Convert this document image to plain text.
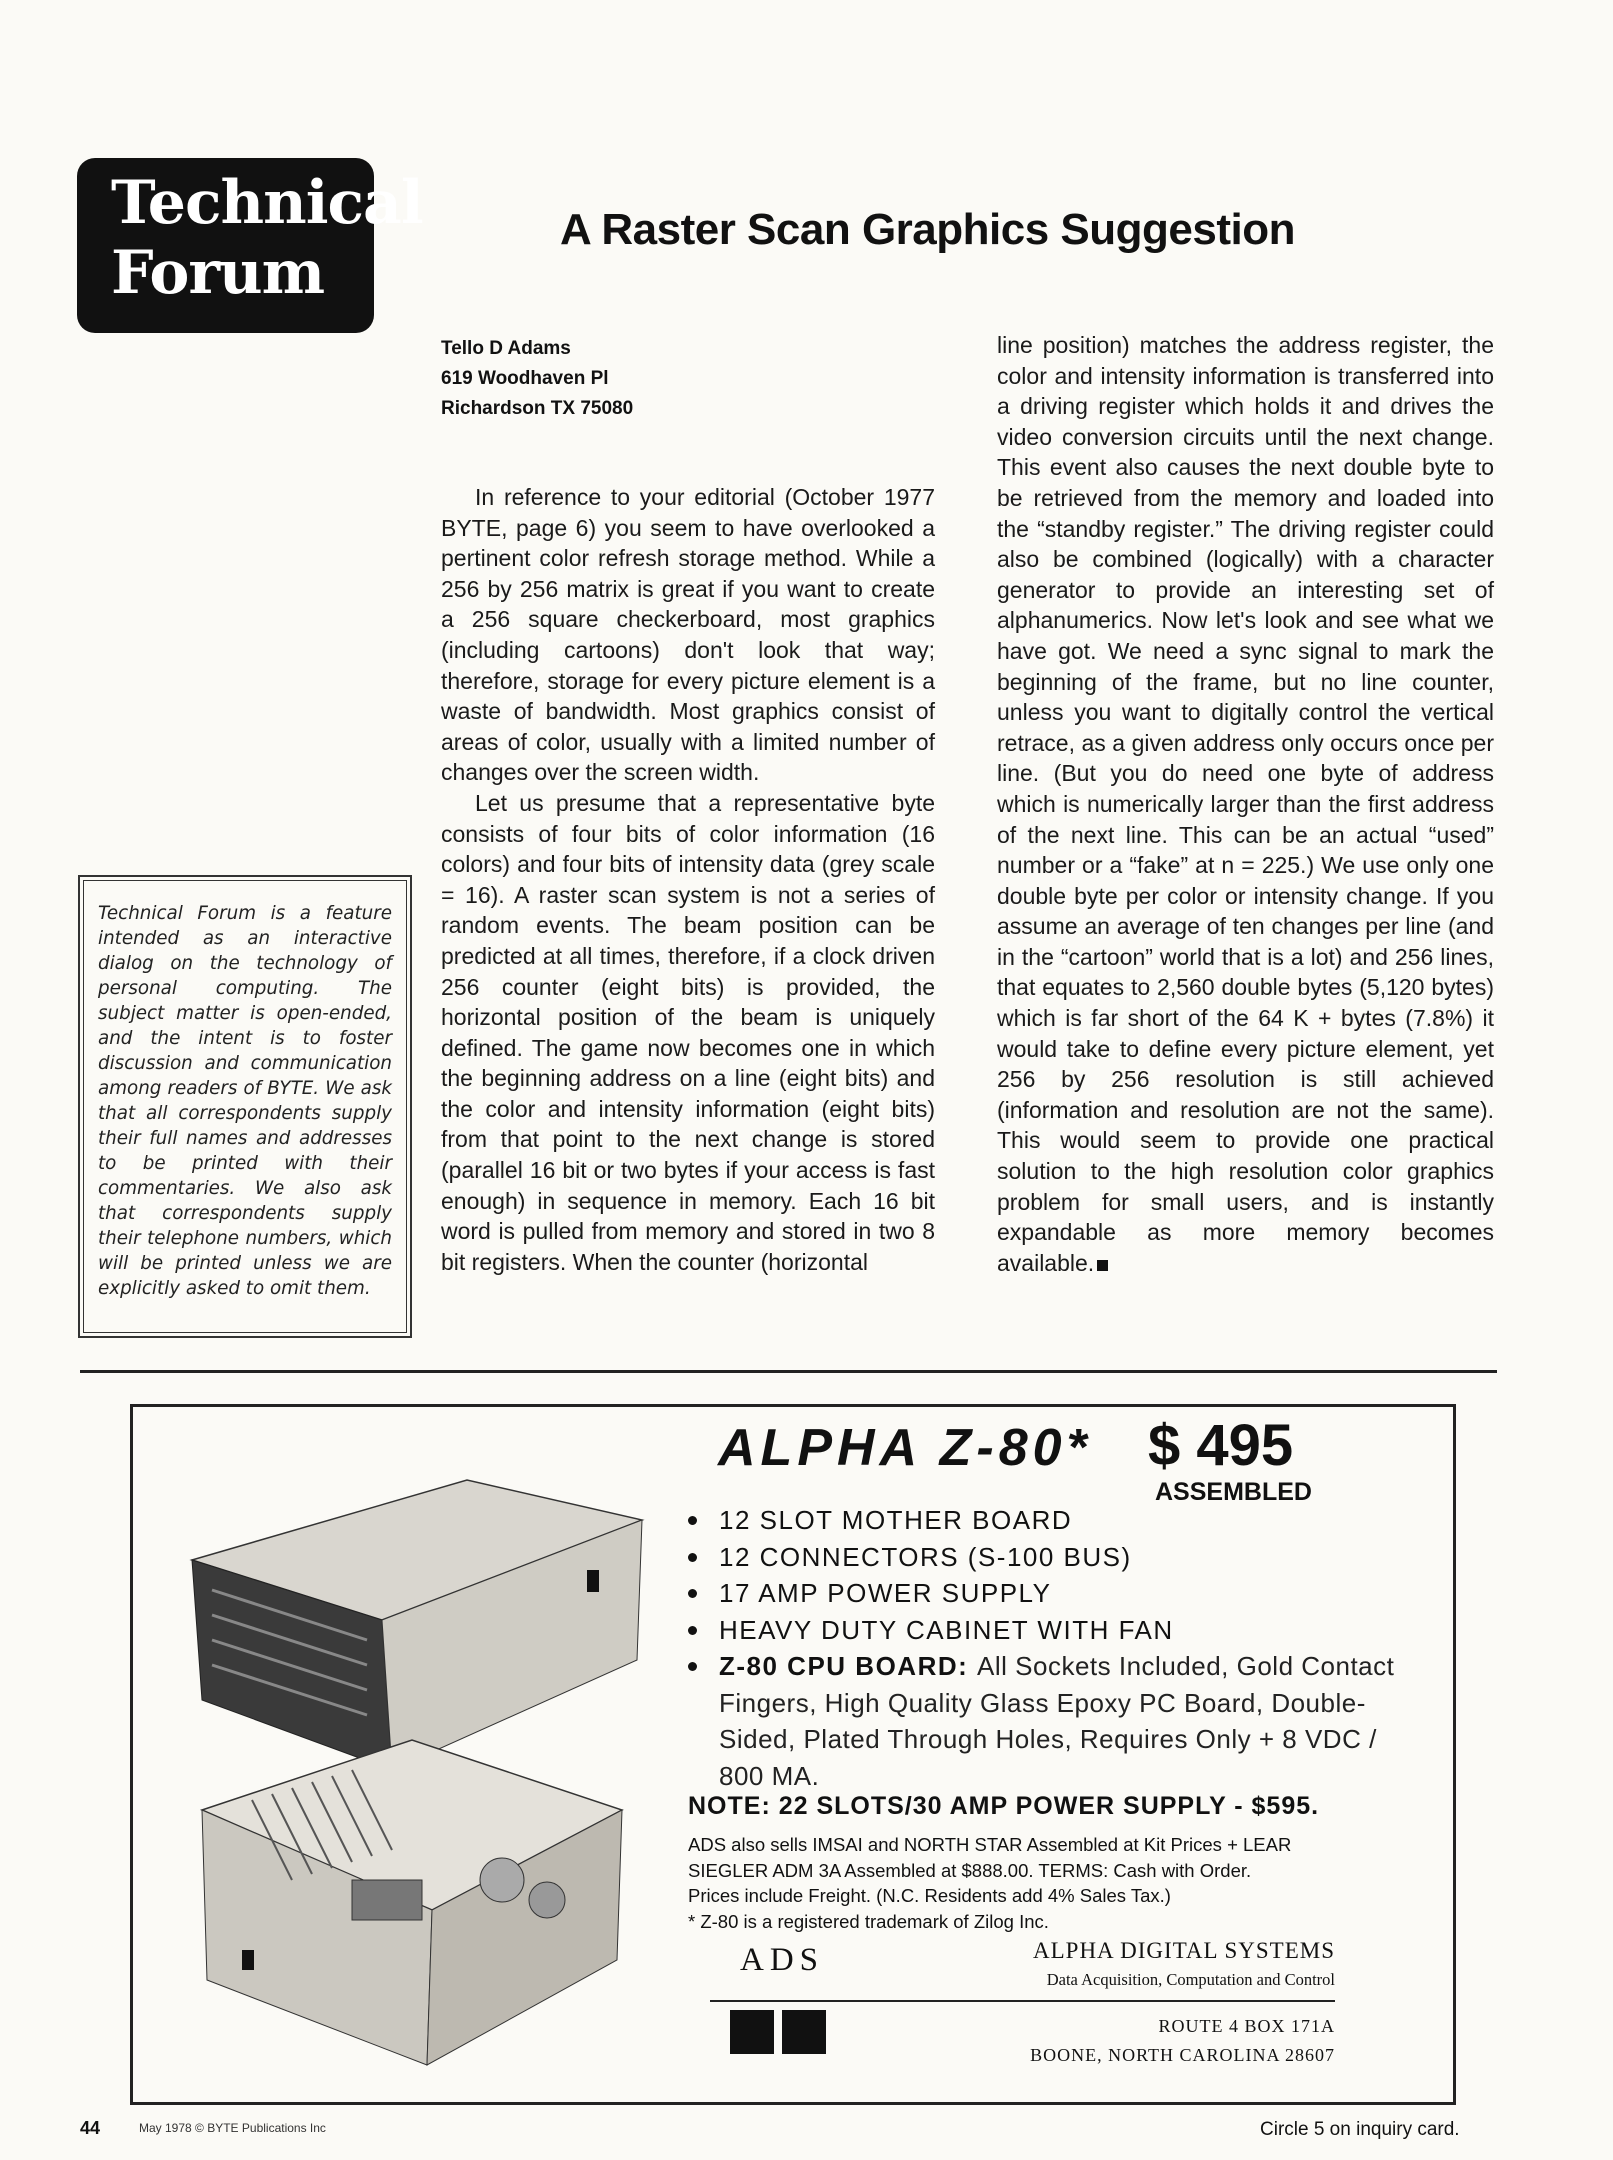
Technical
Forum
A Raster Scan Graphics Suggestion
Tello D Adams
619 Woodhaven Pl
Richardson TX 75080

In reference to your editorial (October 1977 BYTE, page 6) you seem to have overlooked a pertinent color refresh storage method. While a 256 by 256 matrix is great if you want to create a 256 square checkerboard, most graphics (including cartoons) don't look that way; therefore, storage for every picture element is a waste of bandwidth. Most graphics consist of areas of color, usually with a limited number of changes over the screen width.

Let us presume that a representative byte consists of four bits of color information (16 colors) and four bits of intensity data (grey scale = 16). A raster scan system is not a series of random events. The beam position can be predicted at all times, therefore, if a clock driven 256 counter (eight bits) is provided, the horizontal position of the beam is uniquely defined. The game now becomes one in which the beginning address on a line (eight bits) and the color and intensity information (eight bits) from that point to the next change is stored (parallel 16 bit or two bytes if your access is fast enough) in sequence in memory. Each 16 bit word is pulled from memory and stored in two 8 bit registers. When the counter (horizontal

line position) matches the address register, the color and intensity information is transferred into a driving register which holds it and drives the video conversion circuits until the next change. This event also causes the next double byte to be retrieved from the memory and loaded into the “standby register.” The driving register could also be combined (logically) with a character generator to provide an interesting set of alphanumerics. Now let's look and see what we have got. We need a sync signal to mark the beginning of the frame, but no line counter, unless you want to digitally control the vertical retrace, as a given address only occurs once per line. (But you do need one byte of address which is numerically larger than the first address of the next line. This can be an actual “used” number or a “fake” at n = 225.) We use only one double byte per color or intensity change. If you assume an average of ten changes per line (and in the “cartoon” world that is a lot) and 256 lines, that equates to 2,560 double bytes (5,120 bytes) which is far short of the 64 K + bytes (7.8%) it would take to define every picture element, yet 256 by 256 resolution is still achieved (information and resolution are not the same). This would seem to provide one practical solution to the high resolution color graphics problem for small users, and is instantly expandable as more memory becomes available.

Technical Forum is a feature intended as an interactive dialog on the technology of personal computing. The subject matter is open-ended, and the intent is to foster discussion and communication among readers of BYTE. We ask that all correspondents supply their full names and addresses to be printed with their commentaries. We also ask that correspondents supply their telephone numbers, which will be printed unless we are explicitly asked to omit them.
ALPHA Z-80* $ 495
ASSEMBLED
12 SLOT MOTHER BOARD
12 CONNECTORS (S-100 BUS)
17 AMP POWER SUPPLY
HEAVY DUTY CABINET WITH FAN
Z-80 CPU BOARD: All Sockets Included, Gold Contact Fingers, High Quality Glass Epoxy PC Board, Double-Sided, Plated Through Holes, Requires Only + 8 VDC / 800 MA.
NOTE: 22 SLOTS/30 AMP POWER SUPPLY - $595.
ADS also sells IMSAI and NORTH STAR Assembled at Kit Prices + LEAR
SIEGLER ADM 3A Assembled at $888.00. TERMS: Cash with Order.
Prices include Freight. (N.C. Residents add 4% Sales Tax.)
* Z-80 is a registered trademark of Zilog Inc.
ADS	ALPHA DIGITAL SYSTEMS
Data Acquisition, Computation and Control
ROUTE 4 BOX 171A
BOONE, NORTH CAROLINA 28607
44	May 1978 © BYTE Publications Inc	Circle 5 on inquiry card.
